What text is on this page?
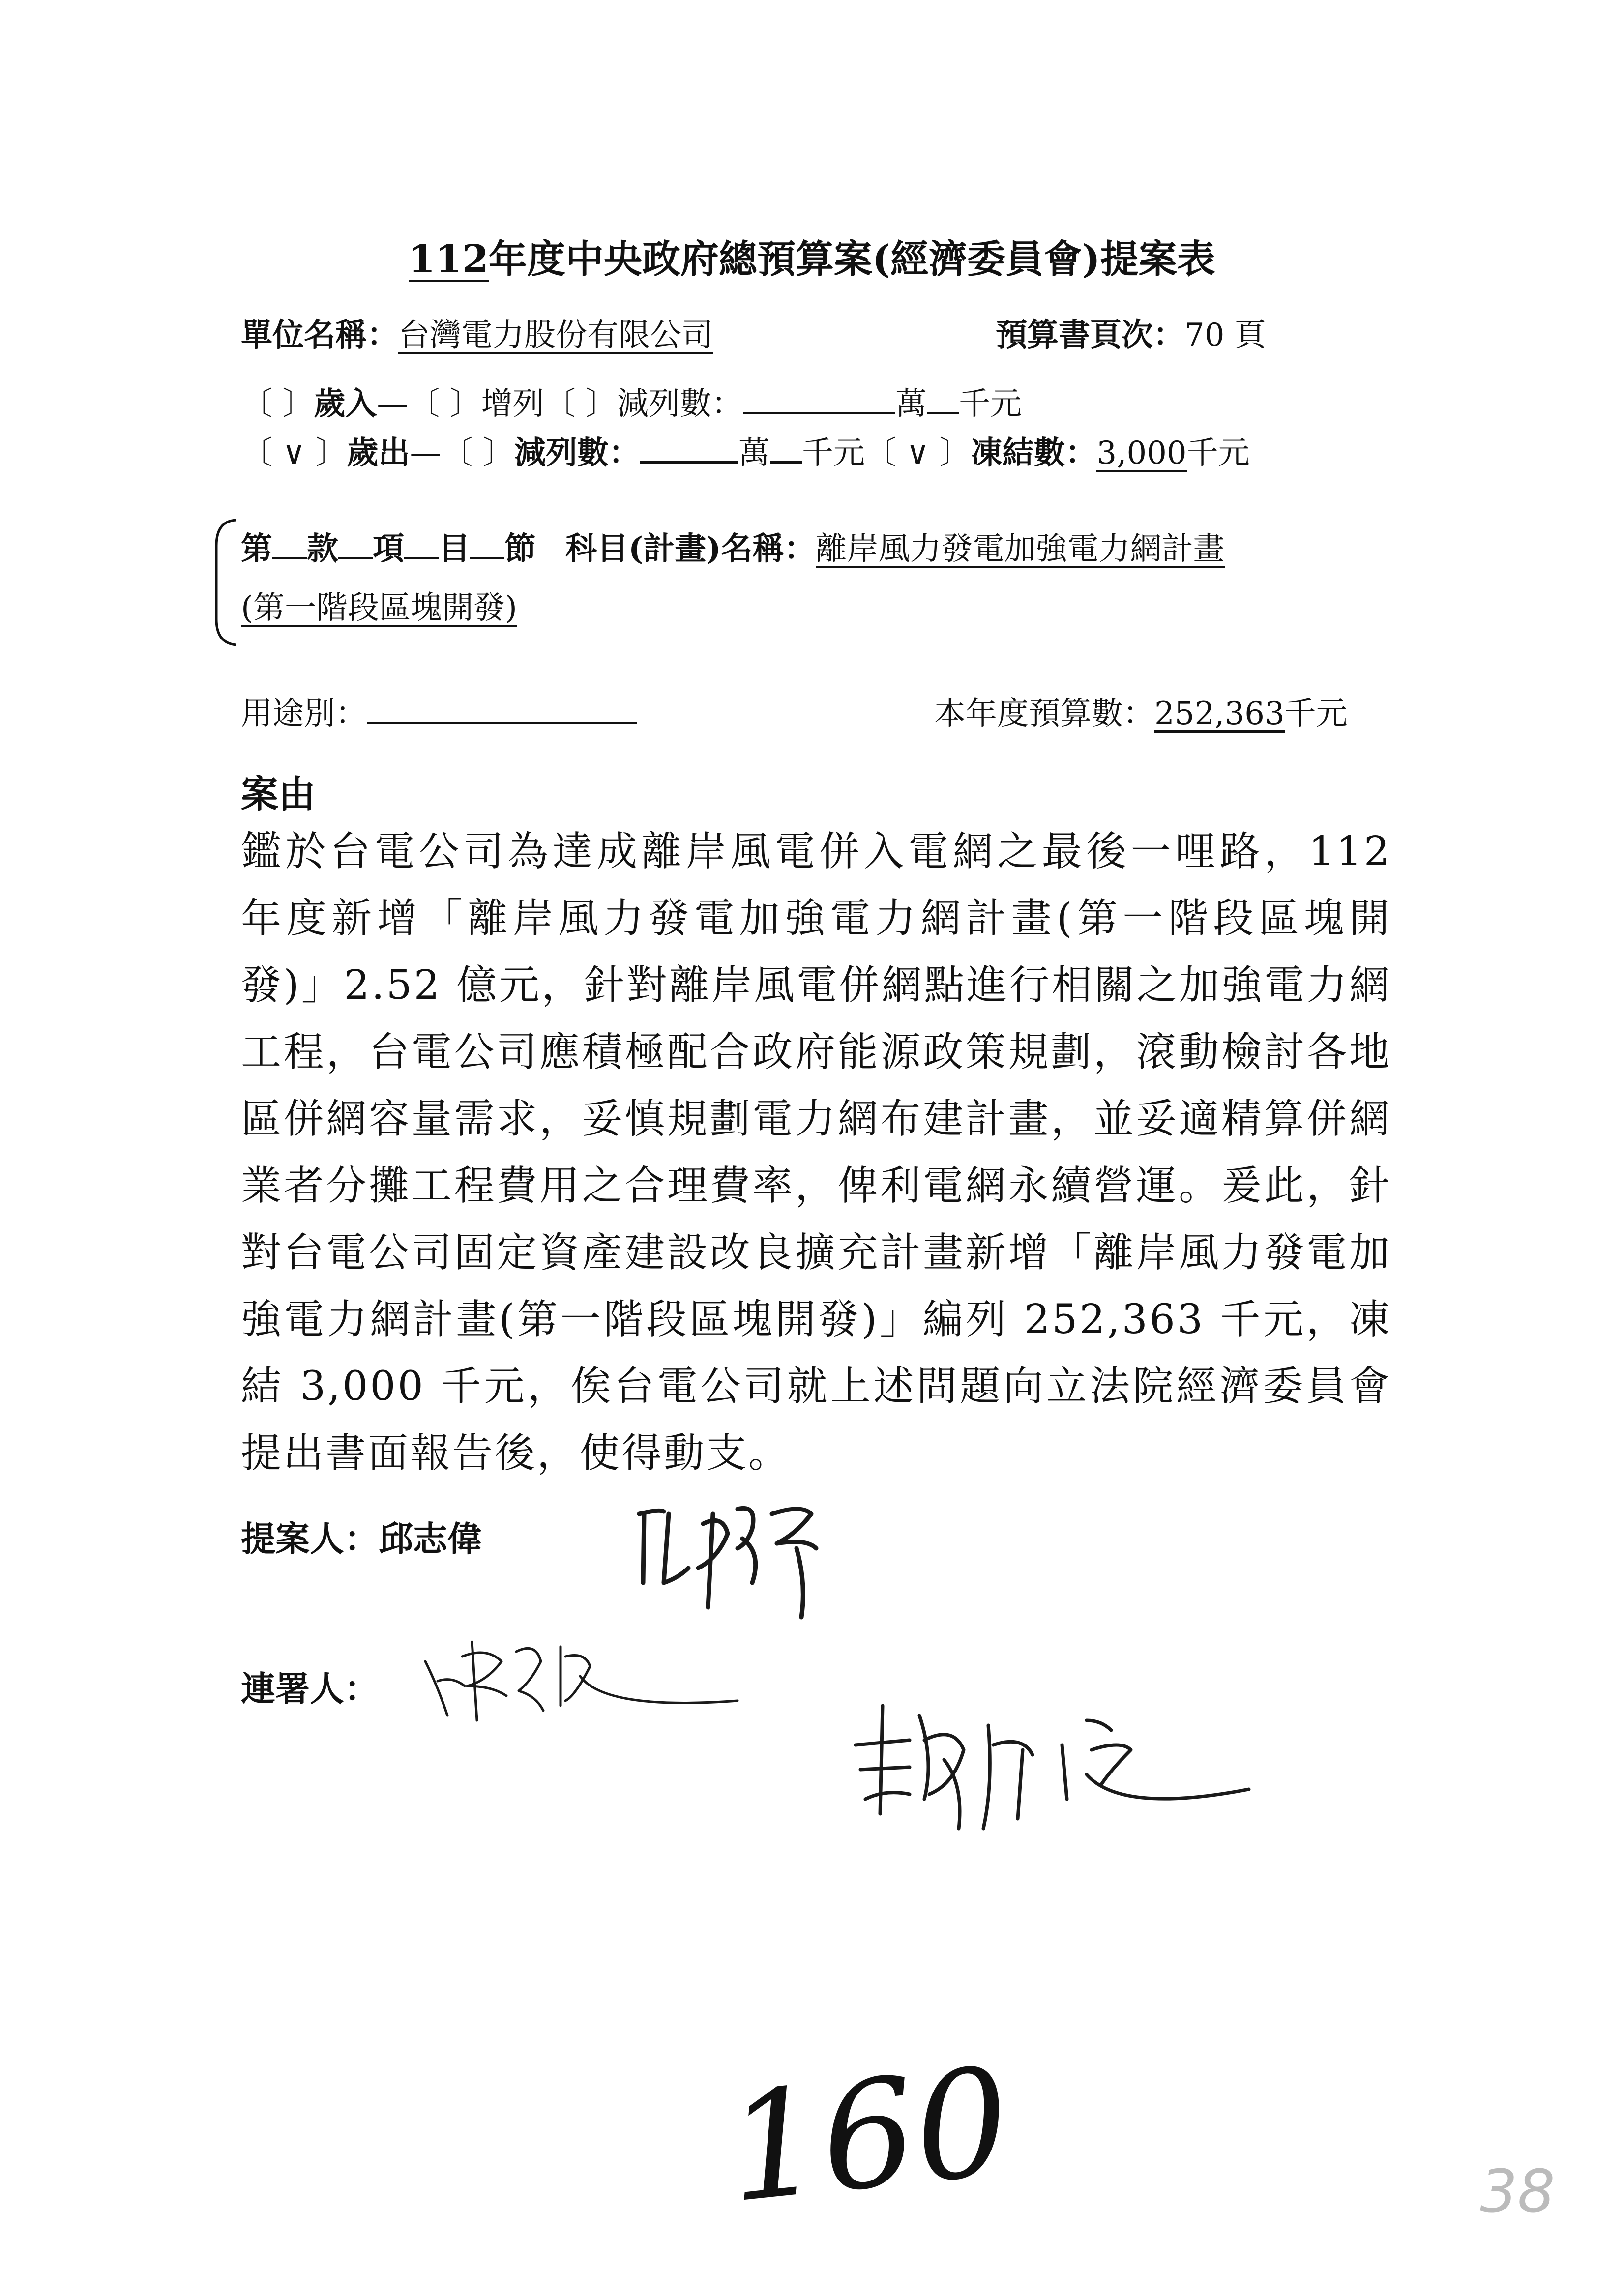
112年度中央政府總預算案(經濟委員會)提案表
單位名稱：台灣電力股份有限公司	預算書頁次：70 頁
〔 〕歲入—〔 〕增列〔 〕減列數：	萬 千元
〔 ∨ 〕歲出—〔 〕減列數：	萬 千元〔 ∨ 〕凍結數：3,000千元
第 款 項 目 節 科目(計畫)名稱：離岸風力發電加強電力網計畫
(第一階段區塊開發)
用途別：	本年度預算數：252,363千元
案由
鑑於台電公司為達成離岸風電併入電網之最後一哩路，112 年度新增「離岸風力發電加強電力網計畫(第一階段區塊開發)」2.52 億元，針對離岸風電併網點進行相關之加強電力網工程，台電公司應積極配合政府能源政策規劃，滾動檢討各地區併網容量需求，妥慎規劃電力網布建計畫，並妥適精算併網業者分攤工程費用之合理費率，俾利電網永續營運。爰此，針對台電公司固定資產建設改良擴充計畫新增「離岸風力發電加強電力網計畫(第一階段區塊開發)」編列 252,363 千元，凍結 3,000 千元，俟台電公司就上述問題向立法院經濟委員會提出書面報告後，使得動支。
提案人：邱志偉
連署人：
160	38
